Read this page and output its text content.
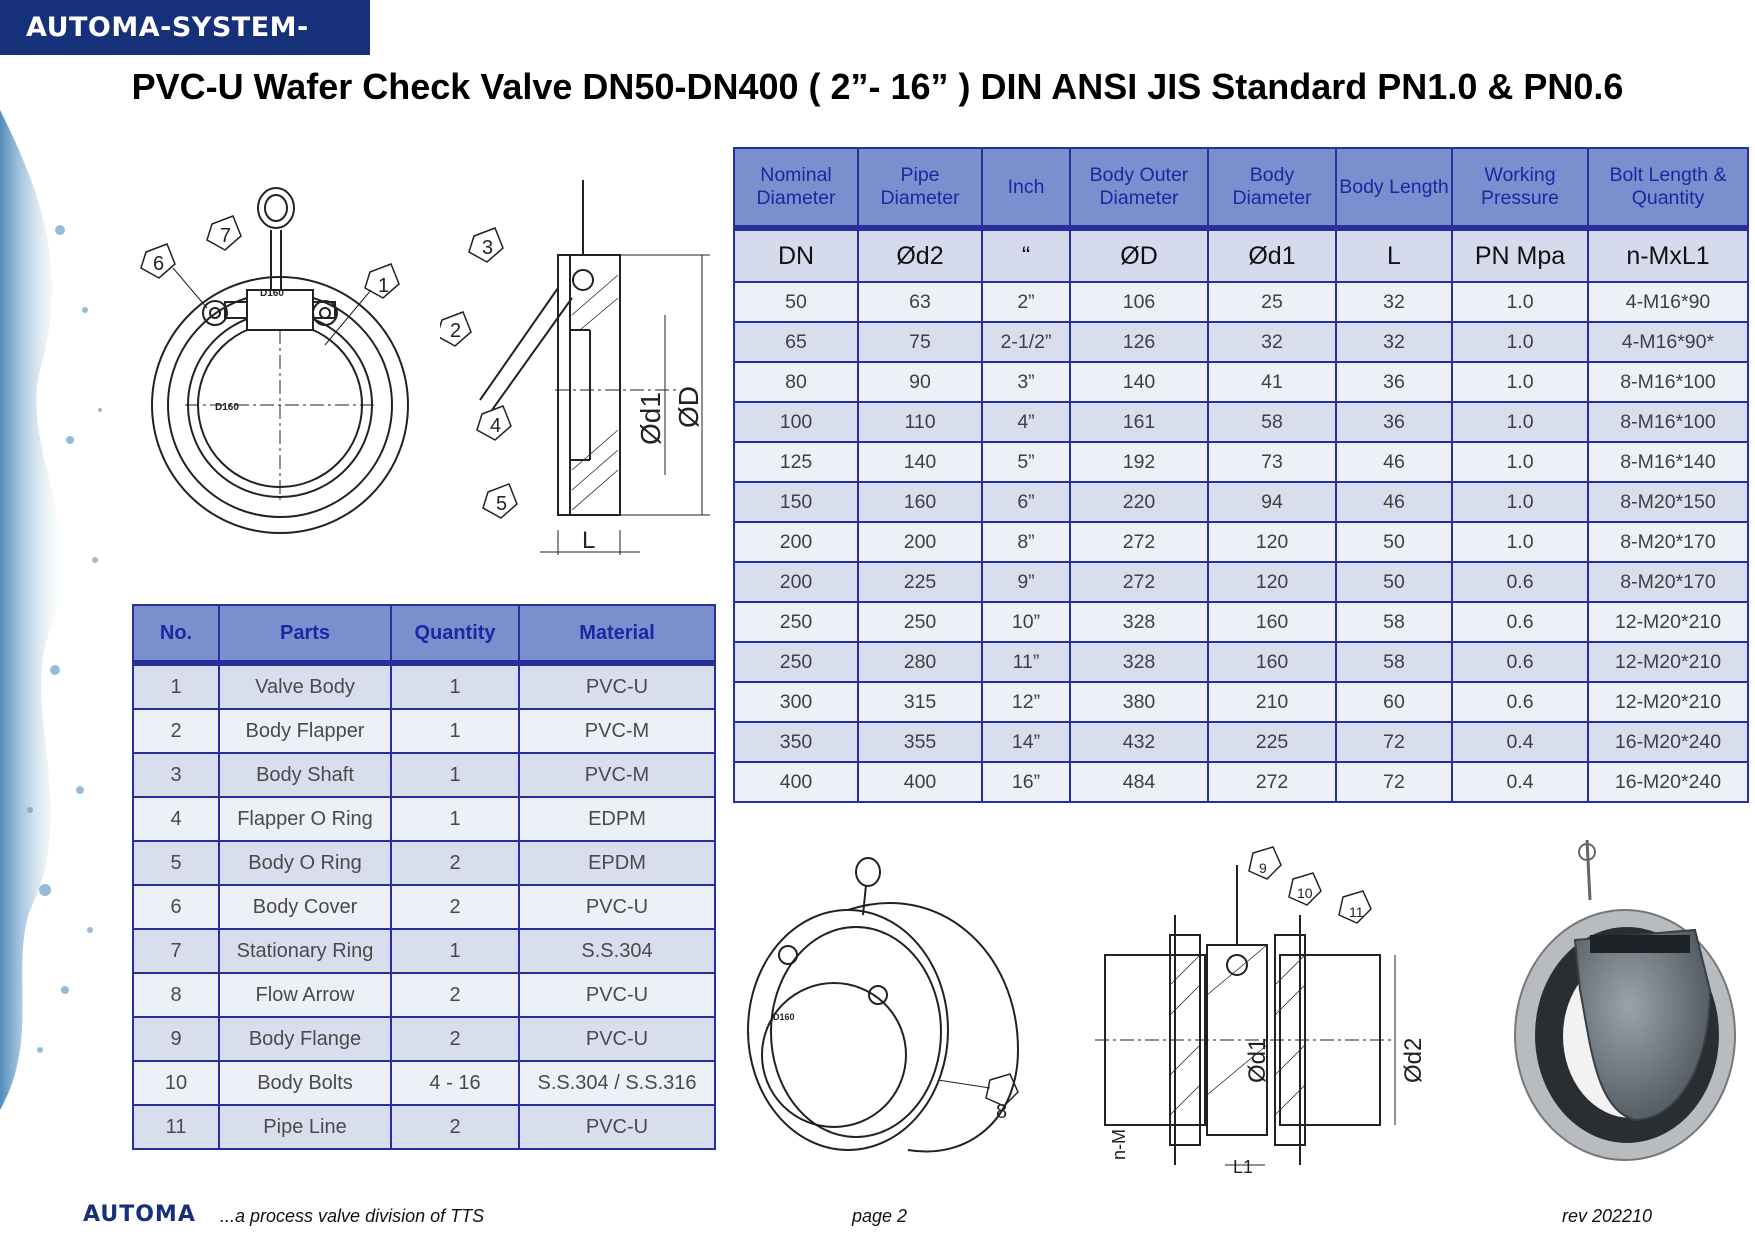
AUTOMA-SYSTEM-PLUS PVC-U Wafer Check Valve DN50-DN400 ( 2”- 16” ) DIN ANSI JIS Standard PN1.0 & PN0.6
7
6
1
D160
D160
3
2
4
5
Ød1 ØD
L
Nominal Diameter	Pipe Diameter	Inch	Body Outer Diameter	Body Diameter	Body Length	Working Pressure	Bolt Length & Quantity
DN	Ød2	“	ØD	Ød1	L	PN Mpa	n-MxL1
50	63	2”	106	25	32	1.0	4-M16*90
65	75	2-1/2”	126	32	32	1.0	4-M16*90*
80	90	3”	140	41	36	1.0	8-M16*100
100	110	4”	161	58	36	1.0	8-M16*100
125	140	5”	192	73	46	1.0	8-M16*140
150	160	6”	220	94	46	1.0	8-M20*150
200	200	8”	272	120	50	1.0	8-M20*170
200	225	9”	272	120	50	0.6	8-M20*170
250	250	10”	328	160	58	0.6	12-M20*210
250	280	11”	328	160	58	0.6	12-M20*210
300	315	12”	380	210	60	0.6	12-M20*210
350	355	14”	432	225	72	0.4	16-M20*240
400	400	16”	484	272	72	0.4	16-M20*240
No.	Parts	Quantity	Material
1	Valve Body	1	PVC-U
2	Body Flapper	1	PVC-M
3	Body Shaft	1	PVC-M
4	Flapper O Ring	1	EDPM
5	Body O Ring	2	EPDM
6	Body Cover	2	PVC-U
7	Stationary Ring	1	S.S.304
8	Flow Arrow	2	PVC-U
9	Body Flange	2	PVC-U
10	Body Bolts	4 - 16	S.S.304 / S.S.316
11	Pipe Line	2	PVC-U
8
D160
9
10
11
Ød1	Ød2
n-M
L1
AUTOMA ...a process valve division of TTS	page 2	rev 202210
